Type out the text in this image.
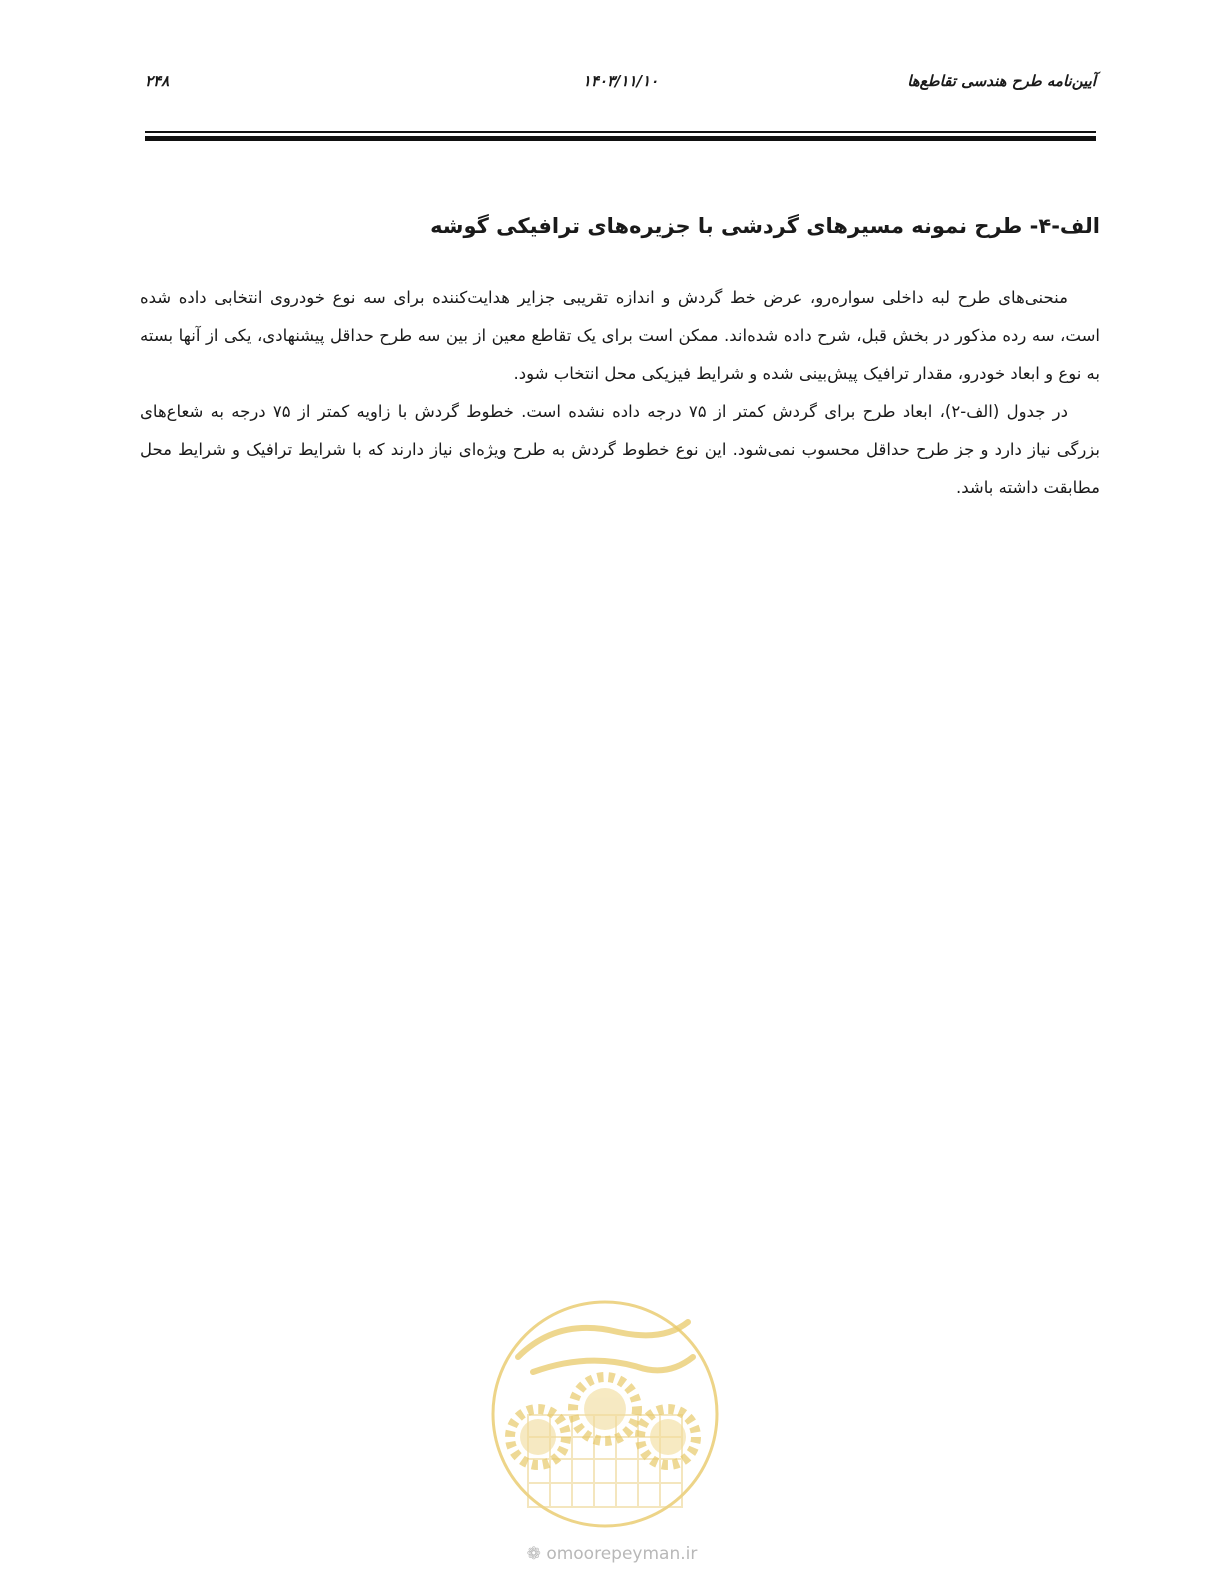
۲۴۸	۱۴۰۳/۱۱/۱۰	آیین‌نامه طرح هندسی تقاطع‌ها
الف-۴- طرح نمونه مسیرهای گردشی با جزیره‌های ترافیکی گوشه

منحنی‌های طرح لبه داخلی سواره‌رو، عرض خط گردش و اندازه تقریبی جزایر هدایت‌کننده برای سه نوع خودروی انتخابی داده شده است، سه رده مذکور در بخش قبل، شرح داده شده‌اند. ممکن است برای یک تقاطع معین از بین سه طرح حداقل پیشنهادی، یکی از آنها بسته به نوع و ابعاد خودرو، مقدار ترافیک پیش‌بینی شده و شرایط فیزیکی محل انتخاب شود.

در جدول (الف-۲)، ابعاد طرح برای گردش کمتر از ۷۵ درجه داده نشده است. خطوط گردش با زاویه کمتر از ۷۵ درجه به شعاع‌های بزرگی نیاز دارد و جز طرح حداقل محسوب نمی‌شود. این نوع خطوط گردش به طرح ویژه‌ای نیاز دارند که با شرایط ترافیک و شرایط محل مطابقت داشته باشد.

❁ omoorepeyman.ir
